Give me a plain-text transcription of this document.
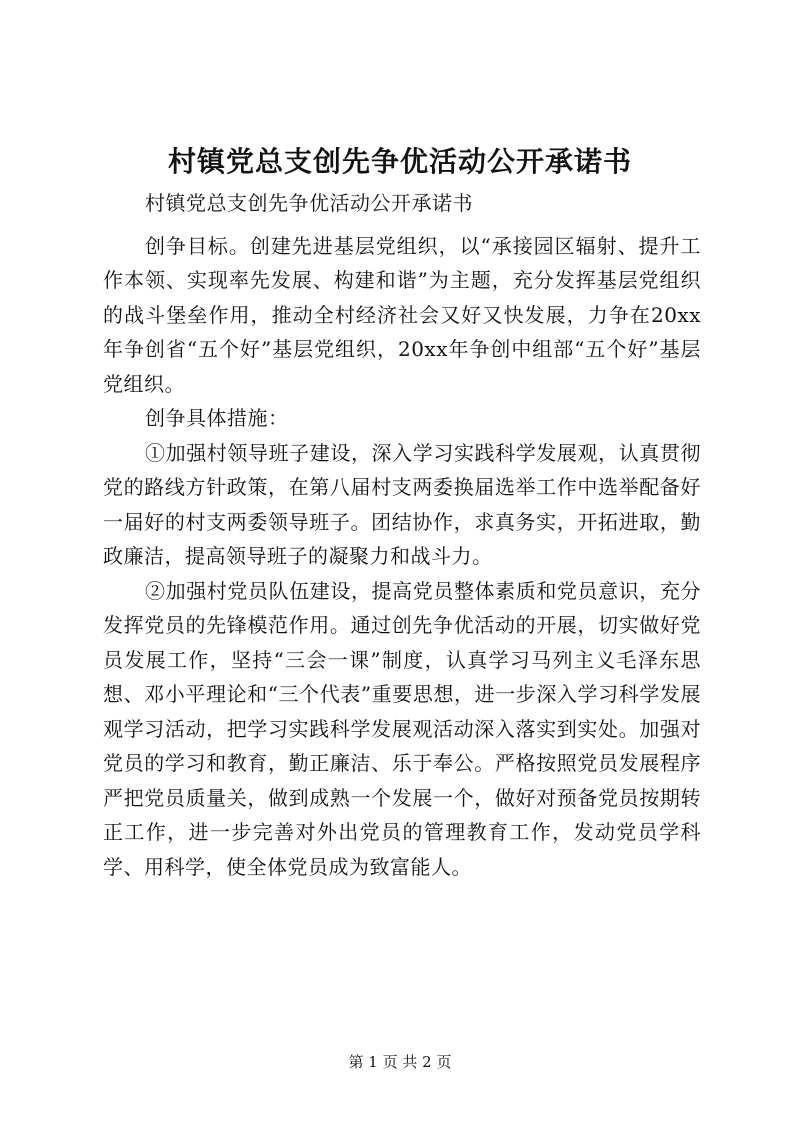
村镇党总支创先争优活动公开承诺书

村镇党总支创先争优活动公开承诺书

创争目标。创建先进基层党组织，以“承接园区辐射、提升工作本领、实现率先发展、构建和谐”为主题，充分发挥基层党组织的战斗堡垒作用，推动全村经济社会又好又快发展，力争在20xx年争创省“五个好”基层党组织，20xx年争创中组部“五个好”基层党组织。

创争具体措施：

①加强村领导班子建设，深入学习实践科学发展观，认真贯彻党的路线方针政策，在第八届村支两委换届选举工作中选举配备好一届好的村支两委领导班子。团结协作，求真务实，开拓进取，勤政廉洁，提高领导班子的凝聚力和战斗力。

②加强村党员队伍建设，提高党员整体素质和党员意识，充分发挥党员的先锋模范作用。通过创先争优活动的开展，切实做好党员发展工作，坚持“三会一课”制度，认真学习马列主义毛泽东思想、邓小平理论和“三个代表”重要思想，进一步深入学习科学发展观学习活动，把学习实践科学发展观活动深入落实到实处。加强对党员的学习和教育，勤正廉洁、乐于奉公。严格按照党员发展程序严把党员质量关，做到成熟一个发展一个，做好对预备党员按期转正工作，进一步完善对外出党员的管理教育工作，发动党员学科学、用科学，使全体党员成为致富能人。

第 1 页 共 2 页
